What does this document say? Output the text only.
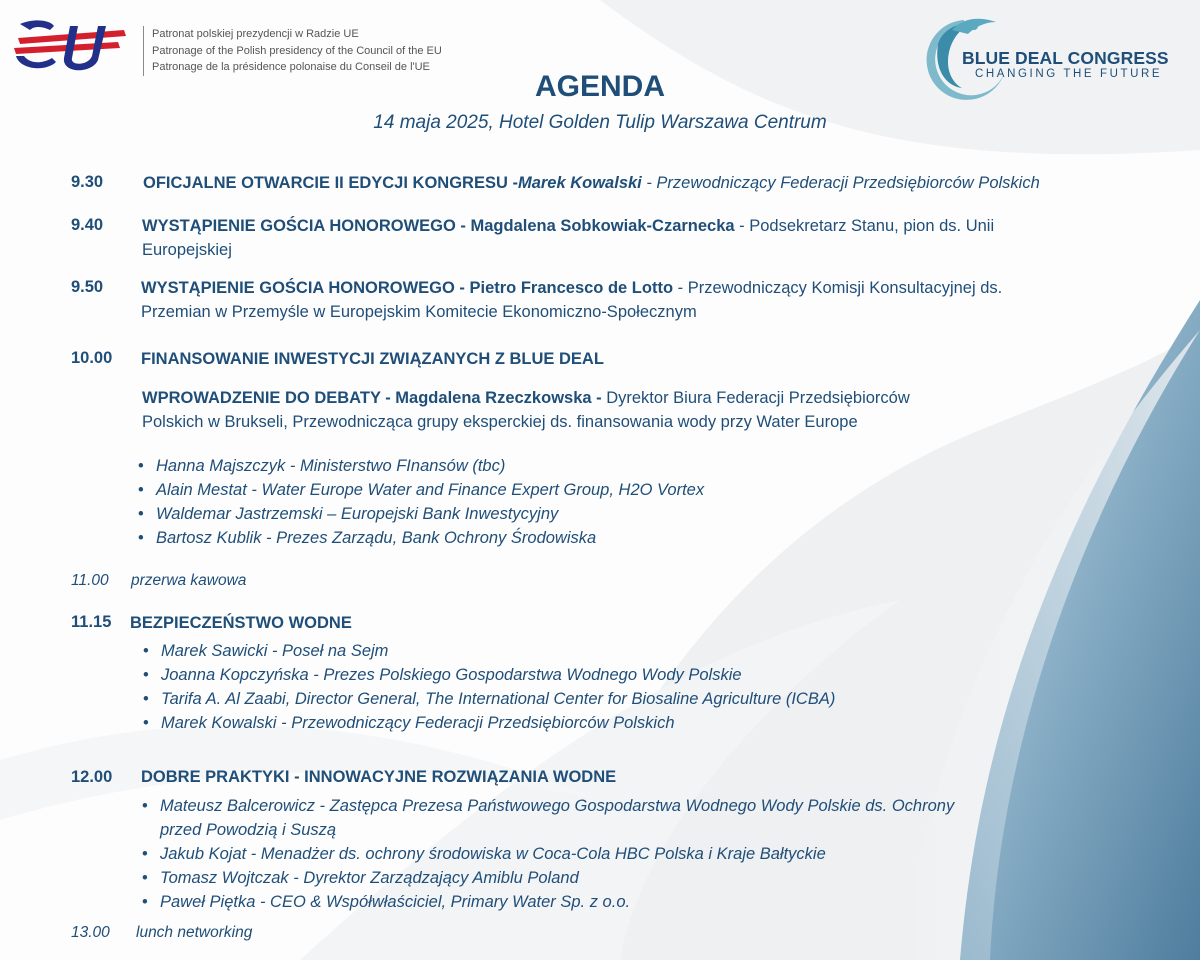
EU
Patronat polskiej prezydencji w Radzie UE
Patronage of the Polish presidency of the Council of the EU
Patronage de la présidence polonaise du Conseil de l'UE	BLUE DEAL CONGRESS
CHANGING THE FUTURE
AGENDA
14 maja 2025, Hotel Golden Tulip Warszawa Centrum
9.30 OFICJALNE OTWARCIE II EDYCJI KONGRESU -Marek Kowalski - Przewodniczący Federacji Przedsiębiorców Polskich
9.40 WYSTĄPIENIE GOŚCIA HONOROWEGO - Magdalena Sobkowiak-Czarnecka - Podsekretarz Stanu, pion ds. Unii
Europejskiej
9.50 WYSTĄPIENIE GOŚCIA HONOROWEGO - Pietro Francesco de Lotto - Przewodniczący Komisji Konsultacyjnej ds.
Przemian w Przemyśle w Europejskim Komitecie Ekonomiczno-Społecznym
10.00 FINANSOWANIE INWESTYCJI ZWIĄZANYCH Z BLUE DEAL
WPROWADZENIE DO DEBATY - Magdalena Rzeczkowska - Dyrektor Biura Federacji Przedsiębiorców
Polskich w Brukseli, Przewodnicząca grupy eksperckiej ds. finansowania wody przy Water Europe
• Hanna Majszczyk - Ministerstwo FInansów (tbc)
• Alain Mestat - Water Europe Water and Finance Expert Group, H2O Vortex
• Waldemar Jastrzemski – Europejski Bank Inwestycyjny
• Bartosz Kublik - Prezes Zarządu, Bank Ochrony Środowiska
11.00 przerwa kawowa
11.15 BEZPIECZEŃSTWO WODNE
• Marek Sawicki - Poseł na Sejm
• Joanna Kopczyńska - Prezes Polskiego Gospodarstwa Wodnego Wody Polskie
• Tarifa A. Al Zaabi, Director General, The International Center for Biosaline Agriculture (ICBA)
• Marek Kowalski - Przewodniczący Federacji Przedsiębiorców Polskich
12.00 DOBRE PRAKTYKI - INNOWACYJNE ROZWIĄZANIA WODNE
• Mateusz Balcerowicz - Zastępca Prezesa Państwowego Gospodarstwa Wodnego Wody Polskie ds. Ochrony
przed Powodzią i Suszą
• Jakub Kojat - Menadżer ds. ochrony środowiska w Coca-Cola HBC Polska i Kraje Bałtyckie
• Tomasz Wojtczak - Dyrektor Zarządzający Amiblu Poland
• Paweł Piętka - CEO & Współwłaściciel, Primary Water Sp. z o.o.
13.00 lunch networking
